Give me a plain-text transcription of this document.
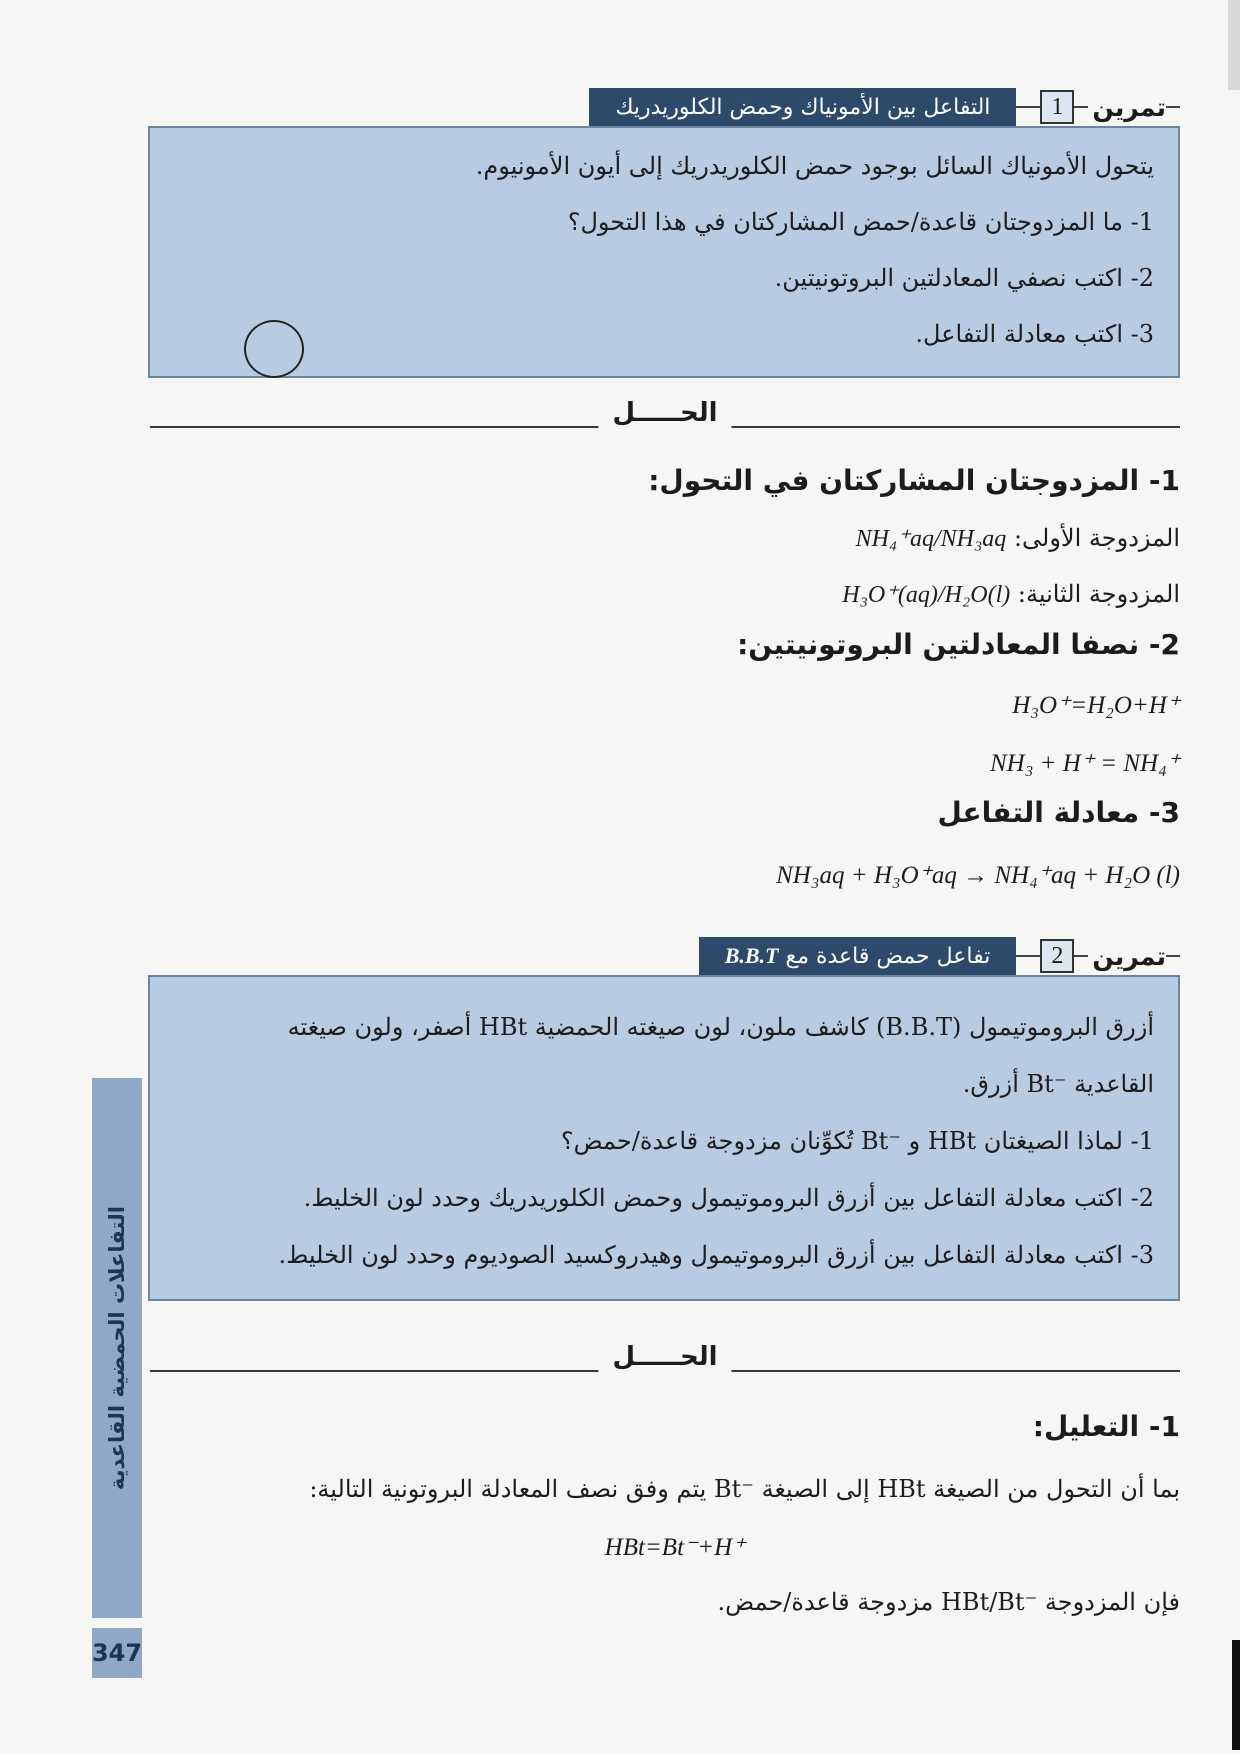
تمرين
1
التفاعل بين الأمونياك وحمض الكلوريدريك
يتحول الأمونياك السائل بوجود حمض الكلوريدريك إلى أيون الأمونيوم.
1- ما المزدوجتان قاعدة/حمض المشاركتان في هذا التحول؟
2- اكتب نصفي المعادلتين البروتونيتين.
3- اكتب معادلة التفاعل.
الحـــــل
1- المزدوجتان المشاركتان في التحول:
المزدوجة الأولى: NH₄⁺aq/NH₃aq
المزدوجة الثانية: H₃O⁺(aq)/H₂O(l)
2- نصفا المعادلتين البروتونيتين:
H₃O⁺=H₂O+H⁺
NH₃ + H⁺ = NH₄⁺
3- معادلة التفاعل
NH₃aq + H₃O⁺aq → NH₄⁺aq + H₂O (l)
تمرين
2
تفاعل حمض قاعدة مع

B.B.T
أزرق البروموتيمول (B.B.T) كاشف ملون، لون صيغته الحمضية HBt أصفر، ولون صيغته
القاعدية ⁻Bt أزرق.
1- لماذا الصيغتان HBt و ⁻Bt تُكوِّنان مزدوجة قاعدة/حمض؟
2- اكتب معادلة التفاعل بين أزرق البروموتيمول وحمض الكلوريدريك وحدد لون الخليط.
3- اكتب معادلة التفاعل بين أزرق البروموتيمول وهيدروكسيد الصوديوم وحدد لون الخليط.
الحـــــل
1- التعليل:
بما أن التحول من الصيغة HBt إلى الصيغة ⁻Bt يتم وفق نصف المعادلة البروتونية التالية:
HBt=Bt⁻+H⁺
فإن المزدوجة ⁻HBt/Bt مزدوجة قاعدة/حمض.
التفاعلات الحمضية القاعدية
347
